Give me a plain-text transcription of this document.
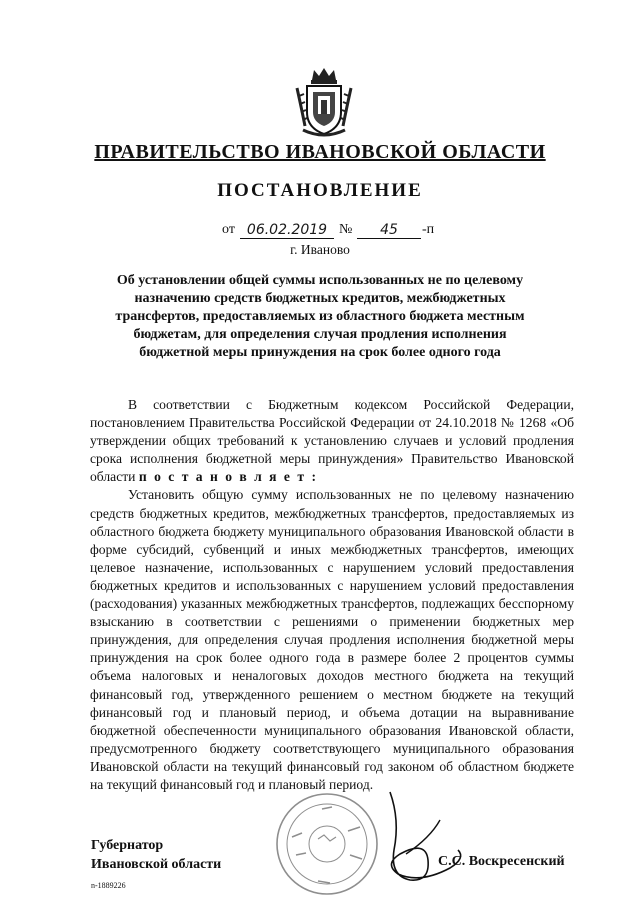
ПРАВИТЕЛЬСТВО ИВАНОВСКОЙ ОБЛАСТИ
ПОСТАНОВЛЕНИЕ
от 06.02.2019 №	45	-п
г. Иваново
Об установлении общей суммы использованных не по целевому
назначению средств бюджетных кредитов, межбюджетных
трансфертов, предоставляемых из областного бюджета местным
бюджетам, для определения случая продления исполнения
бюджетной меры принуждения на срок более одного года

В соответствии с Бюджетным кодексом Российской Федерации, постановлением Правительства Российской Федерации от 24.10.2018 № 1268 «Об утверждении общих требований к установлению случаев и условий продления срока исполнения бюджетной меры принуждения» Правительство Ивановской области п о с т а н о в л я е т :

Установить общую сумму использованных не по целевому назначению средств бюджетных кредитов, межбюджетных трансфертов, предоставляемых из областного бюджета бюджету муниципального образования Ивановской области в форме субсидий, субвенций и иных межбюджетных трансфертов, имеющих целевое назначение, использованных с нарушением условий предоставления бюджетных кредитов и использованных с нарушением условий предоставления (расходования) указанных межбюджетных трансфертов, подлежащих бесспорному взысканию в соответствии с решениями о применении бюджетных мер принуждения, для определения случая продления исполнения бюджетной меры принуждения на срок более одного года в размере более 2 процентов суммы объема налоговых и неналоговых доходов местного бюджета на текущий финансовый год, утвержденного решением о местном бюджете на текущий финансовый год и плановый период, и объема дотации на выравнивание бюджетной обеспеченности муниципального образования Ивановской области, предусмотренного бюджету соответствующего муниципального образования Ивановской области на текущий финансовый год законом об областном бюджете на текущий финансовый год и плановый период.

Губернатор
Ивановской области	С.С. Воскресенский
n-1889226
